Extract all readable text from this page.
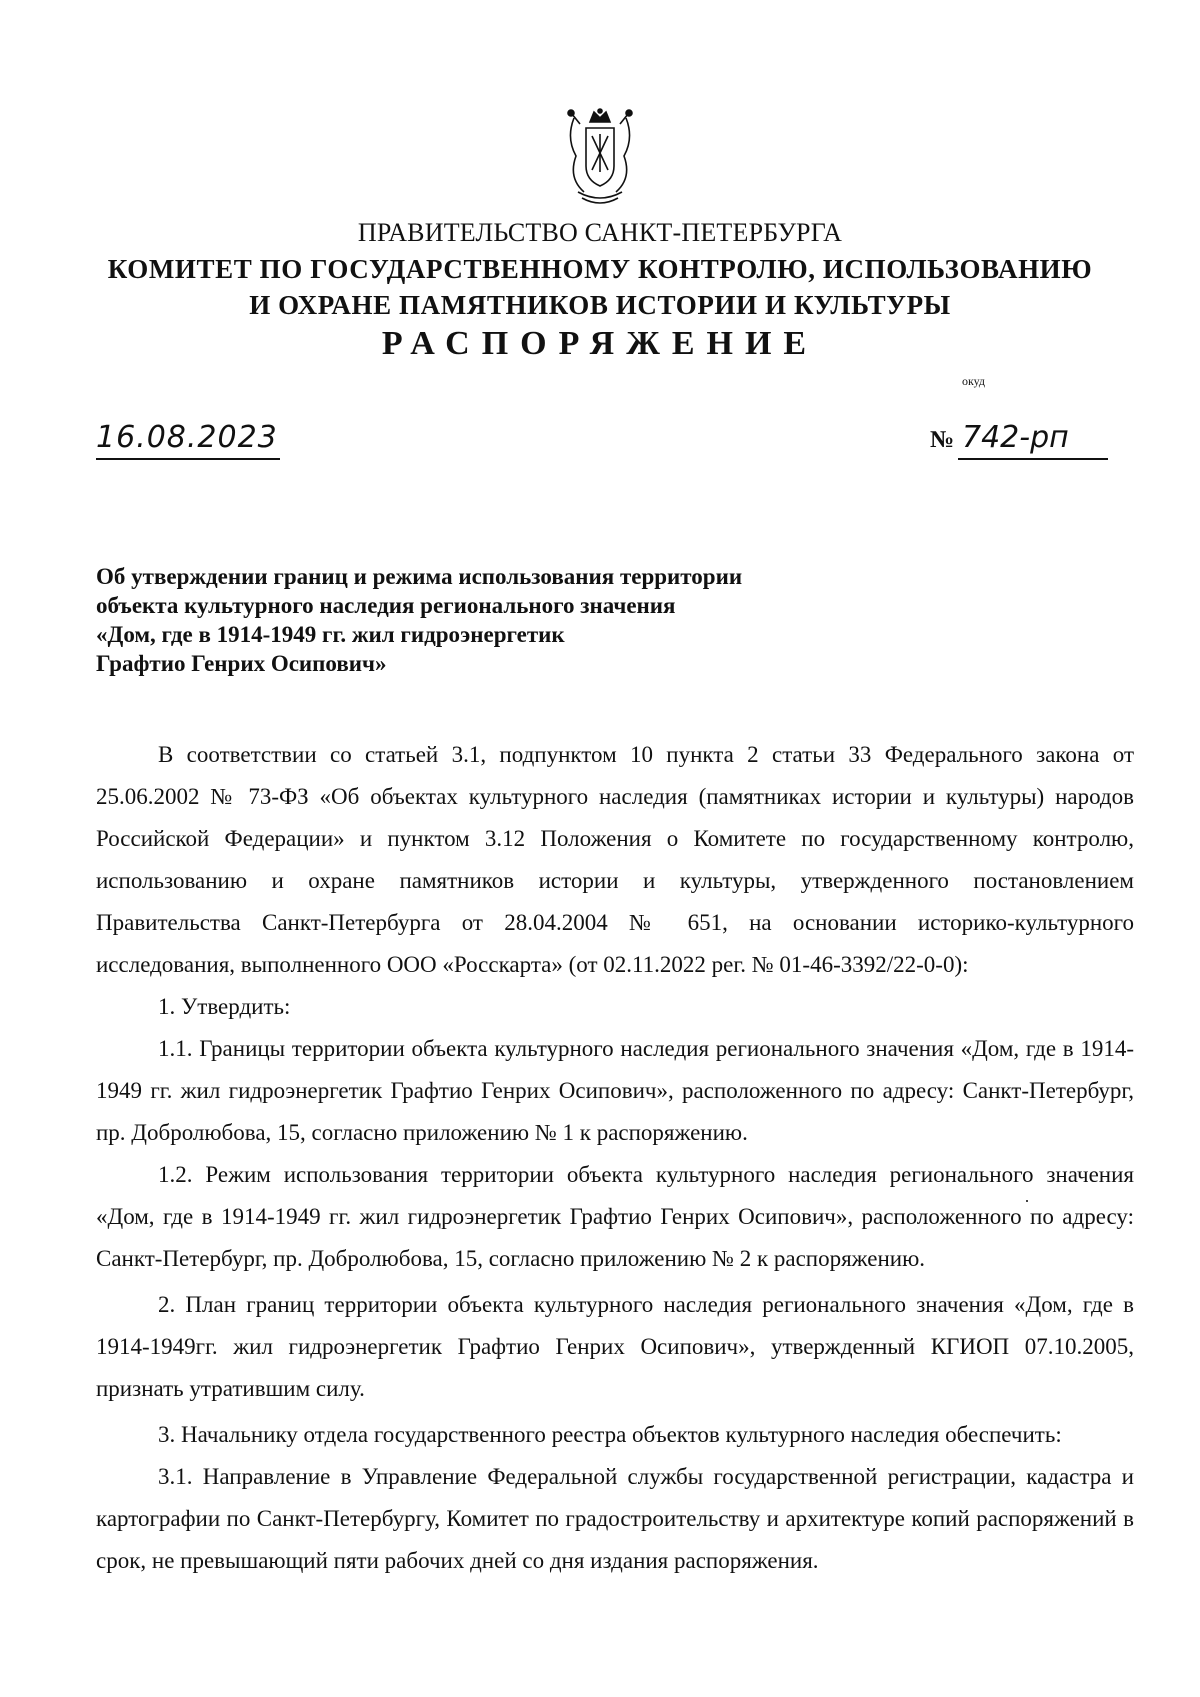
ПРАВИТЕЛЬСТВО САНКТ-ПЕТЕРБУРГА
КОМИТЕТ ПО ГОСУДАРСТВЕННОМУ КОНТРОЛЮ, ИСПОЛЬЗОВАНИЮ
И ОХРАНЕ ПАМЯТНИКОВ ИСТОРИИ И КУЛЬТУРЫ
РАСПОРЯЖЕНИЕ
окуд
16.08.2023	№ 742-рп
Об утверждении границ и режима использования территории
объекта культурного наследия регионального значения
«Дом, где в 1914-1949 гг. жил гидроэнергетик
Графтио Генрих Осипович»

В соответствии со статьей 3.1, подпунктом 10 пункта 2 статьи 33 Федерального закона от 25.06.2002 № 73-ФЗ «Об объектах культурного наследия (памятниках истории и культуры) народов Российской Федерации» и пунктом 3.12 Положения о Комитете по государственному контролю, использованию и охране памятников истории и культуры, утвержденного постановлением Правительства Санкт-Петербурга от 28.04.2004 № 651, на основании историко-культурного исследования, выполненного ООО «Росскарта» (от 02.11.2022 рег. № 01-46-3392/22-0-0):

1. Утвердить:

1.1. Границы территории объекта культурного наследия регионального значения «Дом, где в 1914-1949 гг. жил гидроэнергетик Графтио Генрих Осипович», расположенного по адресу: Санкт-Петербург, пр. Добролюбова, 15, согласно приложению № 1 к распоряжению.

1.2. Режим использования территории объекта культурного наследия регионального значения «Дом, где в 1914-1949 гг. жил гидроэнергетик Графтио Генрих Осипович», расположенного по адресу: Санкт-Петербург, пр. Добролюбова, 15, согласно приложению № 2 к распоряжению.

2. План границ территории объекта культурного наследия регионального значения «Дом, где в 1914-1949гг. жил гидроэнергетик Графтио Генрих Осипович», утвержденный КГИОП 07.10.2005, признать утратившим силу.

3. Начальнику отдела государственного реестра объектов культурного наследия обеспечить:

3.1. Направление в Управление Федеральной службы государственной регистрации, кадастра и картографии по Санкт-Петербургу, Комитет по градостроительству и архитектуре копий распоряжений в срок, не превышающий пяти рабочих дней со дня издания распоряжения.
